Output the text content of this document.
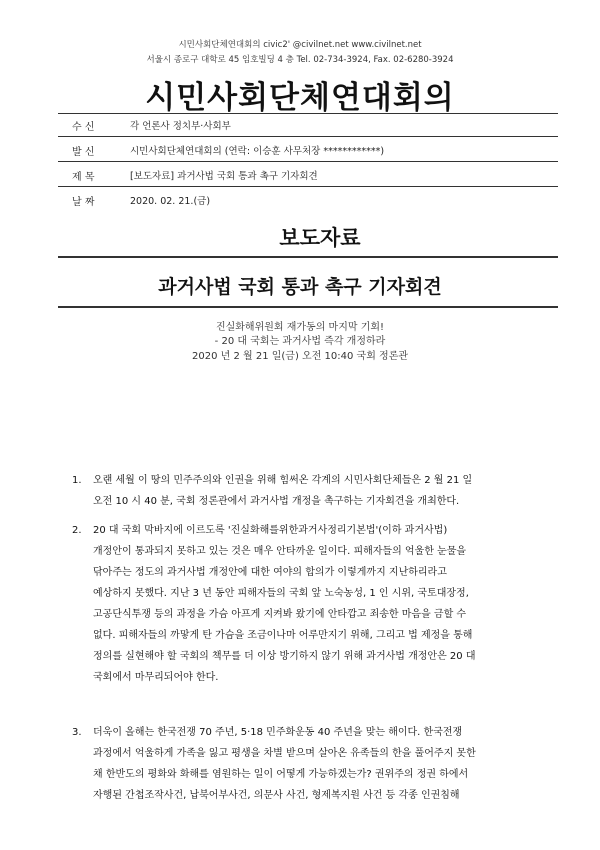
시민사회단체연대회의 civic2' @civilnet.net www.civilnet.net
서울시 종로구 대학로 45 임호빌딩 4 층 Tel. 02-734-3924, Fax. 02-6280-3924
시민사회단체연대회의
수 신	각 언론사 정치부·사회부
발 신	시민사회단체연대회의 (연락: 이승훈 사무처장 ************)
제 목	[보도자료] 과거사법 국회 통과 촉구 기자회견
날 짜	2020. 02. 21.(금)
보도자료
과거사법 국회 통과 촉구 기자회견
진실화해위원회 재가동의 마지막 기회!
- 20 대 국회는 과거사법 즉각 개정하라
2020 년 2 월 21 일(금) 오전 10:40 국회 정론관
1.	오랜 세월 이 땅의 민주주의와 인권을 위해 힘써온 각계의 시민사회단체들은 2 월 21 일

오전 10 시 40 분, 국회 정론관에서 과거사법 개정을 촉구하는 기자회견을 개최한다.

2.	20 대 국회 막바지에 이르도록 '진실화해를위한과거사정리기본법'(이하 과거사법)

개정안이 통과되지 못하고 있는 것은 매우 안타까운 일이다. 피해자들의 억울한 눈물을

닦아주는 정도의 과거사법 개정안에 대한 여야의 합의가 이렇게까지 지난하리라고

예상하지 못했다. 지난 3 년 동안 피해자들의 국회 앞 노숙농성, 1 인 시위, 국토대장정,

고공단식투쟁 등의 과정을 가슴 아프게 지켜봐 왔기에 안타깝고 죄송한 마음을 금할 수

없다. 피해자들의 까맣게 탄 가슴을 조금이나마 어루만지기 위해, 그리고 법 제정을 통해

정의를 실현해야 할 국회의 책무를 더 이상 방기하지 않기 위해 과거사법 개정안은 20 대

국회에서 마무리되어야 한다.

3.	더욱이 올해는 한국전쟁 70 주년, 5·18 민주화운동 40 주년을 맞는 해이다. 한국전쟁

과정에서 억울하게 가족을 잃고 평생을 차별 받으며 살아온 유족들의 한을 풀어주지 못한

채 한반도의 평화와 화해를 염원하는 일이 어떻게 가능하겠는가? 권위주의 정권 하에서

자행된 간첩조작사건, 납북어부사건, 의문사 사건, 형제복지원 사건 등 각종 인권침해
